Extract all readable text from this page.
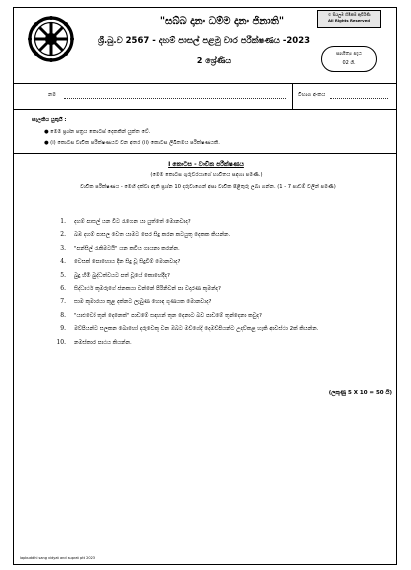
"සබ්බ දානං ධම්ම දානං ජිනාති"
ශ්‍රී.බු.ව 2567 - දහම් පාසල් පළමු වාර පරීක්ෂණය -2023
2 ශ්‍රේණිය
© සියලුම හිමිකම් ඇවිරිණි
All Rights Reserved
සාහිත්‍ය පැය
02 ශී.
නම	විභාග අංකය
සැලකිය යුතුයි :
● මෙම ප්‍රශ්න පත්‍රය කොටස් දෙකකින් යුක්ත වේ.
● (i) කොටස වාචික පරීක්ෂණයට වන අතර (ii) කොටස ලිඛිතමය පරීක්ෂණයකි.
I කොටස - වාචික පරීක්ෂණය
(මෙම කොටස ගුරුවරයාගේ භාවිතය සඳහා පමණි.)
වාචික පරීක්ෂණය - මෙහි දක්වා ඇති ප්‍රශ්න 10 දරුවාගෙන් අසා වාචික පිළිතුරු ලබා ගන්න. (1 - 7 පාඩම් වලින් පමණි)
1. දහම් පාසල් යන විට රැගෙන යා යුත්තේ මොනවාද?
2. බඹ දහම් පාසල වෙත යාමට පෙර සිදු කරන කටයුතු දෙකක කියන්න.
3. "පන්සිල් රැකිමටයි" යන කවිය ගායනා කරන්න.
4. වෙසක් පොහොය දින සිදු වූ සිදුවීම් මොනවාද?
5. බුදු හිමි බුද්ධත්වයට පත් වූයේ කොහේදීද?
6. සිද්ධාර්ථ කුමරුගේ ජනකයා වන්නේ පිරිනිවන් පා වදාරණ කුමන්ද?
7. සාම කුමාරයා කුළ දක්නට ලැබුණ හොඳ ගුණයක මොනවාද?
8. "යාළුවෝ තුන් දෙනෙක්" පාඩමේ සඳහන් තුන දෙනාට බව පාඩමේ තුන්දෙනා කවුද?
9. මව්පියන්ට සලකන බොහෝ දරුවෙකු වන ඔබට මව්ගේද් දෙමව්පියන්ට උදව්කළ හැකි ආවස්ථා 2ක් කියන්න.
10. නමස්කාර පාඨය කියන්න.
(ලකුණු 5 X 10 = 50 යි)
lapbuddhi sang vidyat and suprat ptt 2023
